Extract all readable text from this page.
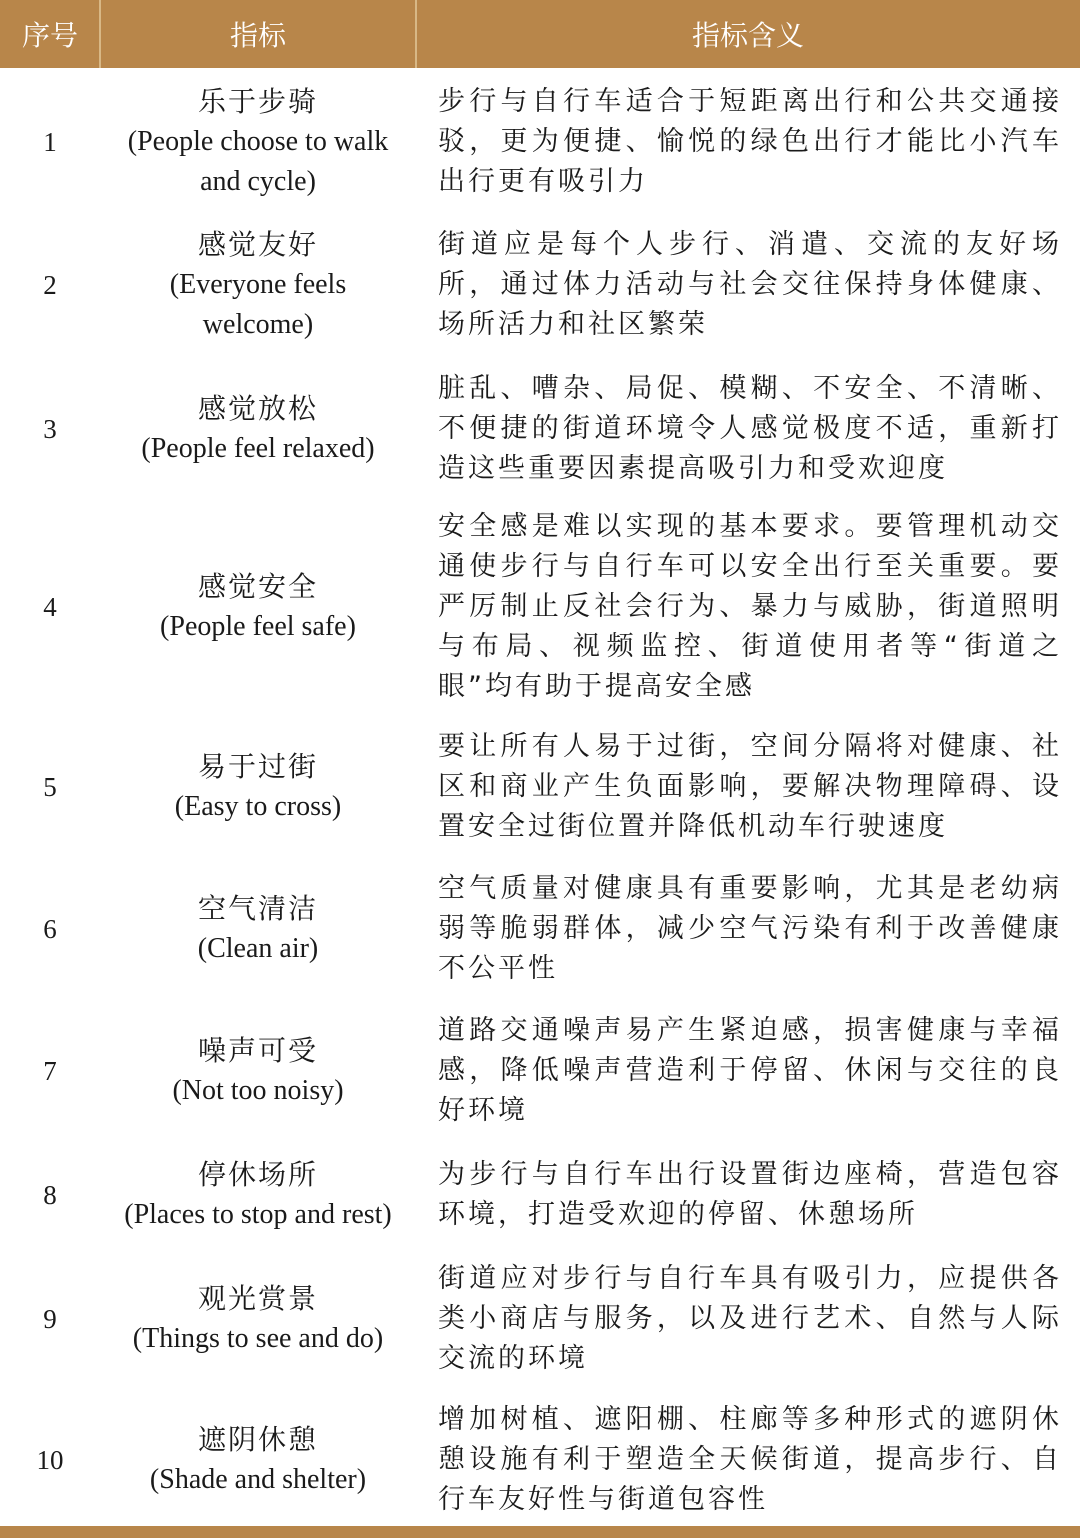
序号	指标	指标含义
1
乐于步骑
(People choose to walk and cycle)
步行与自行车适合于短距离出行和公共交通接驳，更为便捷、愉悦的绿色出行才能比小汽车出行更有吸引力
2
感觉友好
(Everyone feels welcome)
街道应是每个人步行、消遣、交流的友好场所，通过体力活动与社会交往保持身体健康、场所活力和社区繁荣
3
感觉放松
(People feel relaxed)
脏乱、嘈杂、局促、模糊、不安全、不清晰、不便捷的街道环境令人感觉极度不适，重新打造这些重要因素提高吸引力和受欢迎度
4
感觉安全
(People feel safe)
安全感是难以实现的基本要求。要管理机动交通使步行与自行车可以安全出行至关重要。要严厉制止反社会行为、暴力与威胁，街道照明与布局、视频监控、街道使用者等“街道之眼”均有助于提高安全感
5
易于过街
(Easy to cross)
要让所有人易于过街，空间分隔将对健康、社区和商业产生负面影响，要解决物理障碍、设置安全过街位置并降低机动车行驶速度
6
空气清洁
(Clean air)
空气质量对健康具有重要影响，尤其是老幼病弱等脆弱群体，减少空气污染有利于改善健康不公平性
7
噪声可受
(Not too noisy)
道路交通噪声易产生紧迫感，损害健康与幸福感，降低噪声营造利于停留、休闲与交往的良好环境
8
停休场所
(Places to stop and rest)
为步行与自行车出行设置街边座椅，营造包容环境，打造受欢迎的停留、休憩场所
9
观光赏景
(Things to see and do)
街道应对步行与自行车具有吸引力，应提供各类小商店与服务，以及进行艺术、自然与人际交流的环境
10
遮阴休憩
(Shade and shelter)
增加树植、遮阳棚、柱廊等多种形式的遮阴休憩设施有利于塑造全天候街道，提高步行、自行车友好性与街道包容性
